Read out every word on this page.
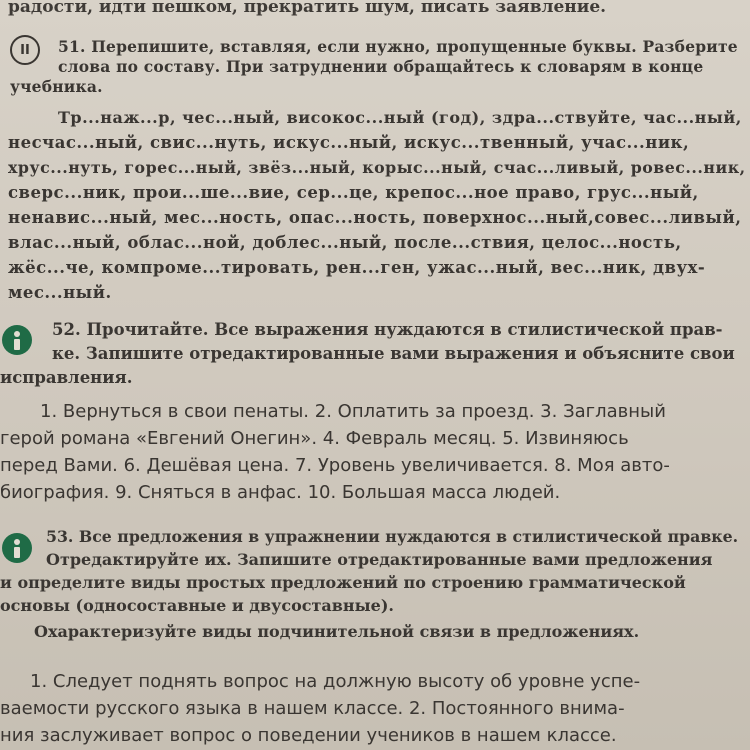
радости, идти пешком, прекратить шум, писать заявление.
II	51. Перепишите, вставляя, если нужно, пропущенные буквы. Разберите
слова по составу. При затруднении обращайтесь к словарям в конце
учебника.
Тр...наж...р, чес...ный, високос...ный (год), здра...ствуйте, час...ный,
несчас...ный, свис...нуть, искус...ный, искус...твенный, учас...ник,
хрус...нуть, горес...ный, звёз...ный, корыс...ный, счас...ливый, ровес...ник,
сверс...ник, прои...ше...вие, сер...це, крепос...ное право, грус...ный,
ненавис...ный, мес...ность, опас...ность, поверхнос...ный,совес...ливый,
влас...ный, облас...ной, доблес...ный, после...ствия, целос...ность,
жёс...че, компроме...тировать, рен...ген, ужас...ный, вес...ник, двух-
мес...ный.
52. Прочитайте. Все выражения нуждаются в стилистической прав-
ке. Запишите отредактированные вами выражения и объясните свои
исправления.
1. Вернуться в свои пенаты. 2. Оплатить за проезд. 3. Заглавный
герой романа «Евгений Онегин». 4. Февраль месяц. 5. Извиняюсь
перед Вами. 6. Дешёвая цена. 7. Уровень увеличивается. 8. Моя авто-
биография. 9. Сняться в анфас. 10. Большая масса людей.
53. Все предложения в упражнении нуждаются в стилистической правке.
Отредактируйте их. Запишите отредактированные вами предложения
и определите виды простых предложений по строению грамматической
основы (односоставные и двусоставные).
Охарактеризуйте виды подчинительной связи в предложениях.
1. Следует поднять вопрос на должную высоту об уровне успе-
ваемости русского языка в нашем классе. 2. Постоянного внима-
ния заслуживает вопрос о поведении учеников в нашем классе.
